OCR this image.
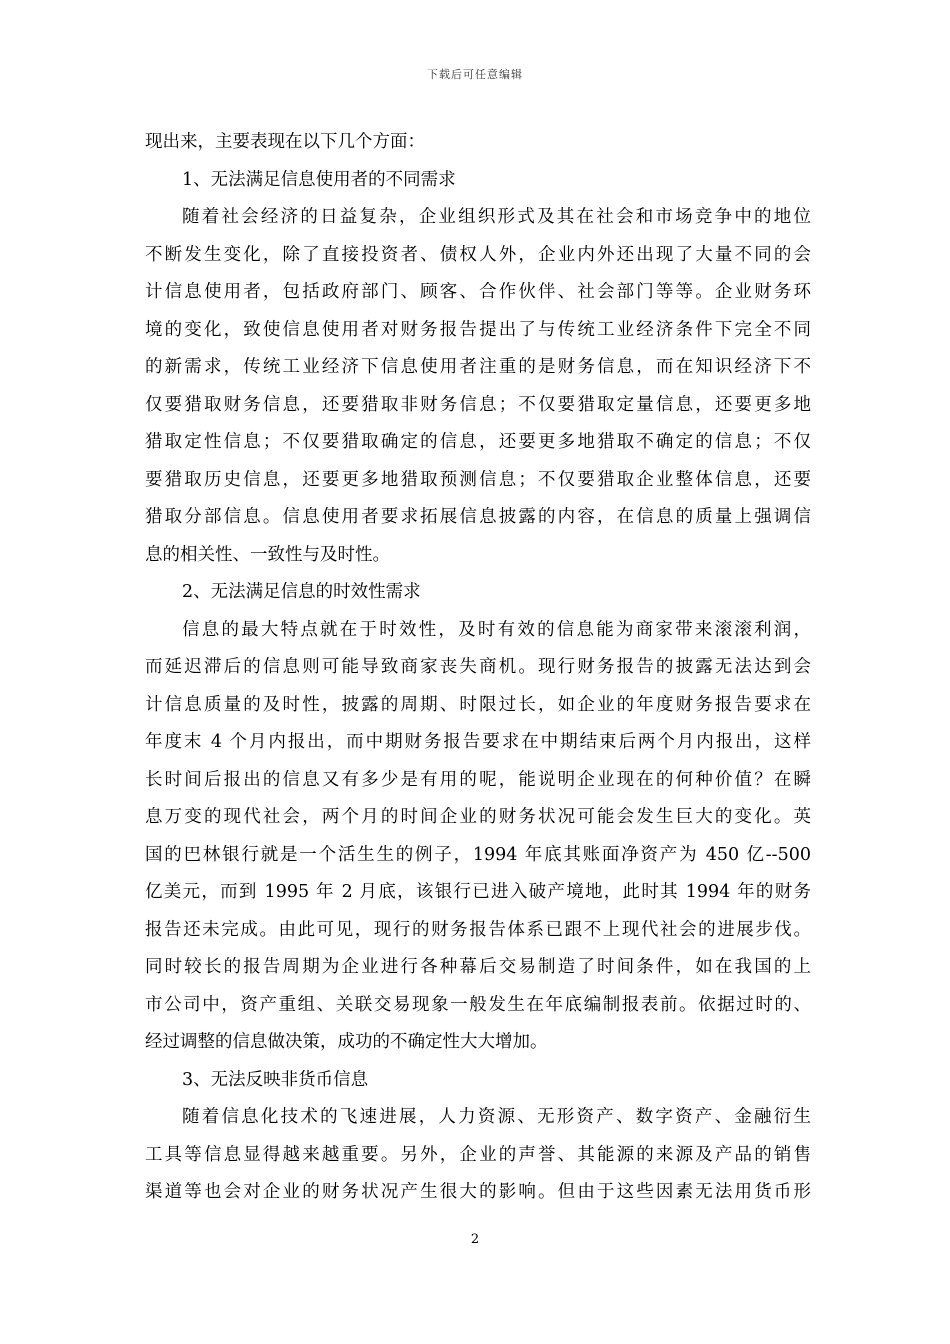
下载后可任意编辑
现出来，主要表现在以下几个方面：
1、无法满足信息使用者的不同需求
随着社会经济的日益复杂，企业组织形式及其在社会和市场竞争中的地位
不断发生变化，除了直接投资者、债权人外，企业内外还出现了大量不同的会
计信息使用者，包括政府部门、顾客、合作伙伴、社会部门等等。企业财务环
境的变化，致使信息使用者对财务报告提出了与传统工业经济条件下完全不同
的新需求，传统工业经济下信息使用者注重的是财务信息，而在知识经济下不
仅要猎取财务信息，还要猎取非财务信息；不仅要猎取定量信息，还要更多地
猎取定性信息；不仅要猎取确定的信息，还要更多地猎取不确定的信息；不仅
要猎取历史信息，还要更多地猎取预测信息；不仅要猎取企业整体信息，还要
猎取分部信息。信息使用者要求拓展信息披露的内容，在信息的质量上强调信
息的相关性、一致性与及时性。
2、无法满足信息的时效性需求
信息的最大特点就在于时效性，及时有效的信息能为商家带来滚滚利润，
而延迟滞后的信息则可能导致商家丧失商机。现行财务报告的披露无法达到会
计信息质量的及时性，披露的周期、时限过长，如企业的年度财务报告要求在
年度末 4 个月内报出，而中期财务报告要求在中期结束后两个月内报出，这样
长时间后报出的信息又有多少是有用的呢，能说明企业现在的何种价值？在瞬
息万变的现代社会，两个月的时间企业的财务状况可能会发生巨大的变化。英
国的巴林银行就是一个活生生的例子，1994 年底其账面净资产为 450 亿--500
亿美元，而到 1995 年 2 月底，该银行已进入破产境地，此时其 1994 年的财务
报告还未完成。由此可见，现行的财务报告体系已跟不上现代社会的进展步伐。
同时较长的报告周期为企业进行各种幕后交易制造了时间条件，如在我国的上
市公司中，资产重组、关联交易现象一般发生在年底编制报表前。依据过时的、
经过调整的信息做决策，成功的不确定性大大增加。
3、无法反映非货币信息
随着信息化技术的飞速进展，人力资源、无形资产、数字资产、金融衍生
工具等信息显得越来越重要。另外，企业的声誉、其能源的来源及产品的销售
渠道等也会对企业的财务状况产生很大的影响。但由于这些因素无法用货币形
2
